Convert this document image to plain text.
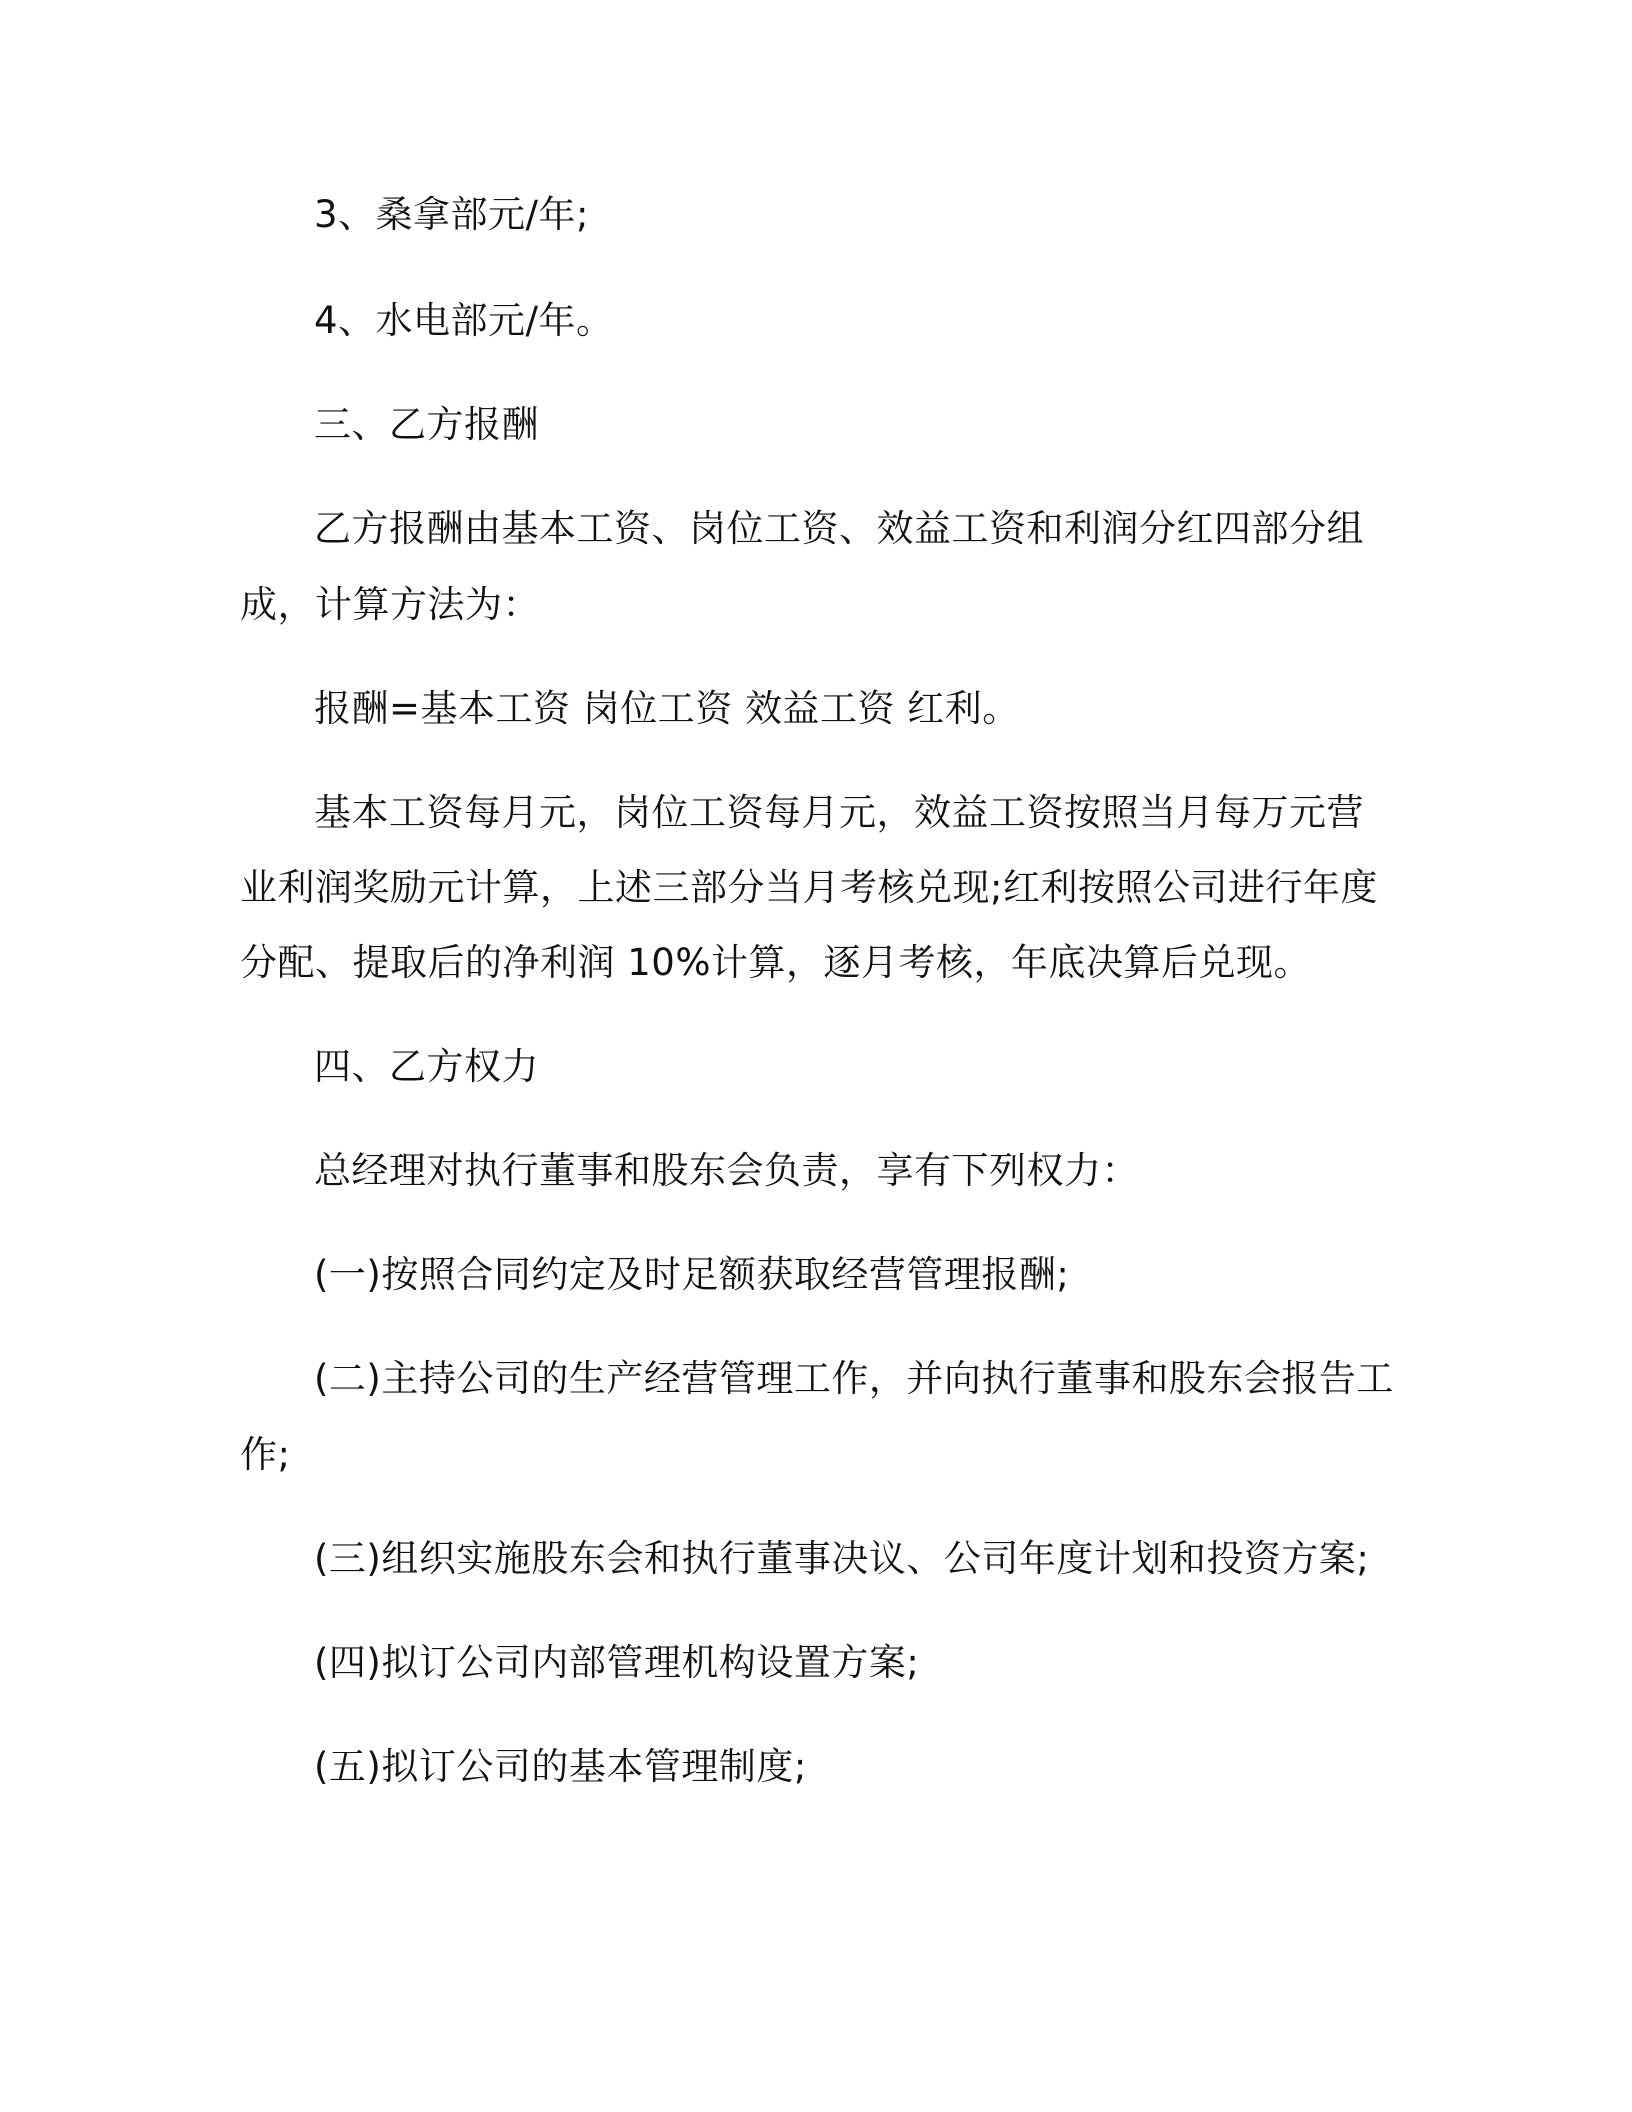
3、桑拿部元/年;
4、水电部元/年。
三、乙方报酬
乙方报酬由基本工资、岗位工资、效益工资和利润分红四部分组
成，计算方法为：
报酬=基本工资 岗位工资 效益工资 红利。
基本工资每月元，岗位工资每月元，效益工资按照当月每万元营
业利润奖励元计算，上述三部分当月考核兑现;红利按照公司进行年度
分配、提取后的净利润 10%计算，逐月考核，年底决算后兑现。
四、乙方权力
总经理对执行董事和股东会负责，享有下列权力：
(一)按照合同约定及时足额获取经营管理报酬;
(二)主持公司的生产经营管理工作，并向执行董事和股东会报告工
作;
(三)组织实施股东会和执行董事决议、公司年度计划和投资方案;
(四)拟订公司内部管理机构设置方案;
(五)拟订公司的基本管理制度;
